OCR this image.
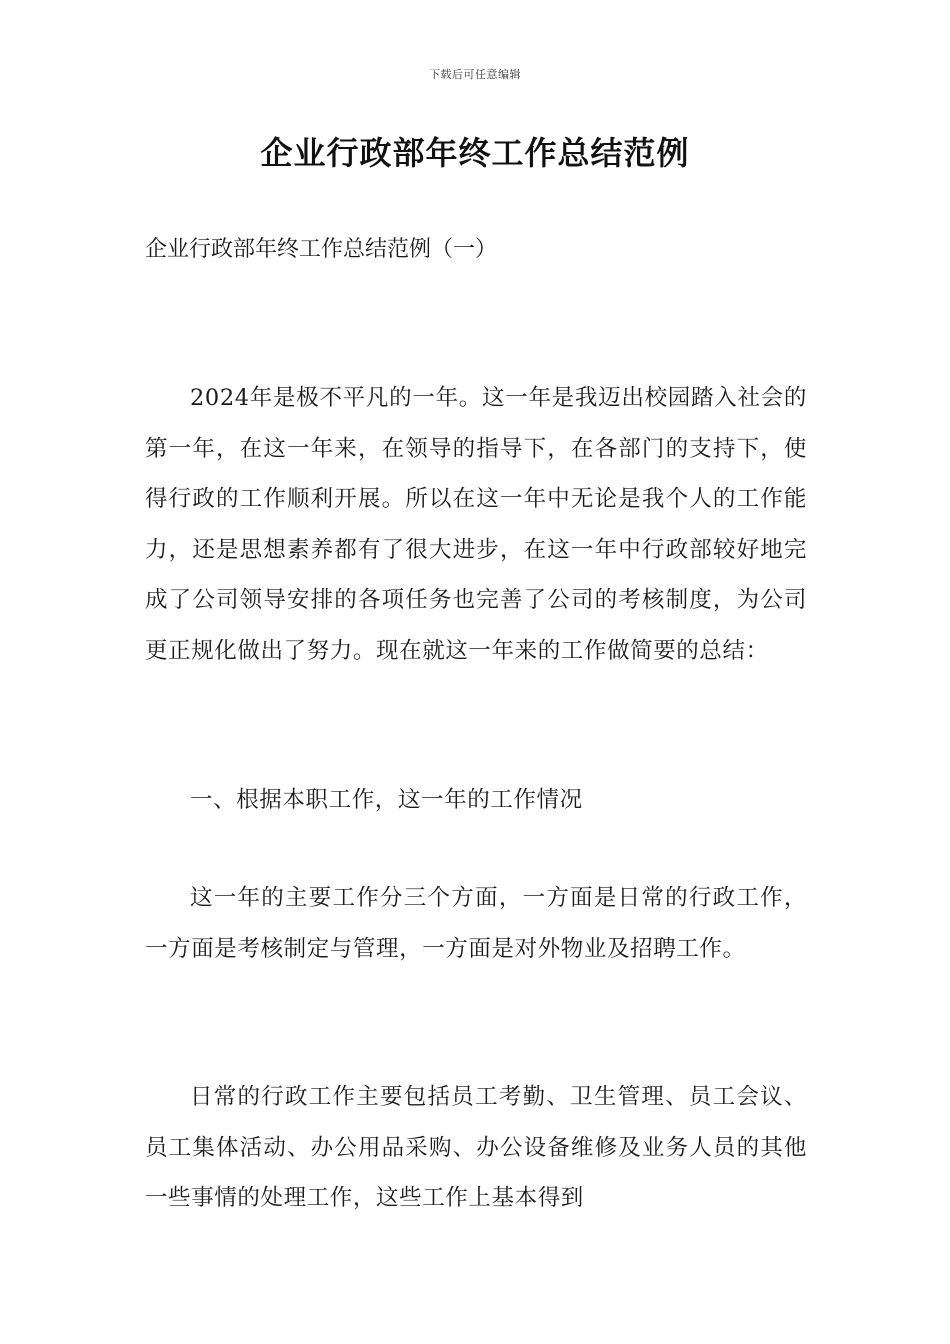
下载后可任意编辑
企业行政部年终工作总结范例

企业行政部年终工作总结范例（一）

2024年是极不平凡的一年。这一年是我迈出校园踏入社会的第一年，在这一年来，在领导的指导下，在各部门的支持下，使得行政的工作顺利开展。所以在这一年中无论是我个人的工作能力，还是思想素养都有了很大进步，在这一年中行政部较好地完成了公司领导安排的各项任务也完善了公司的考核制度，为公司更正规化做出了努力。现在就这一年来的工作做简要的总结：

一、根据本职工作，这一年的工作情况

这一年的主要工作分三个方面，一方面是日常的行政工作，一方面是考核制定与管理，一方面是对外物业及招聘工作。

日常的行政工作主要包括员工考勤、卫生管理、员工会议、员工集体活动、办公用品采购、办公设备维修及业务人员的其他一些事情的处理工作，这些工作上基本得到
